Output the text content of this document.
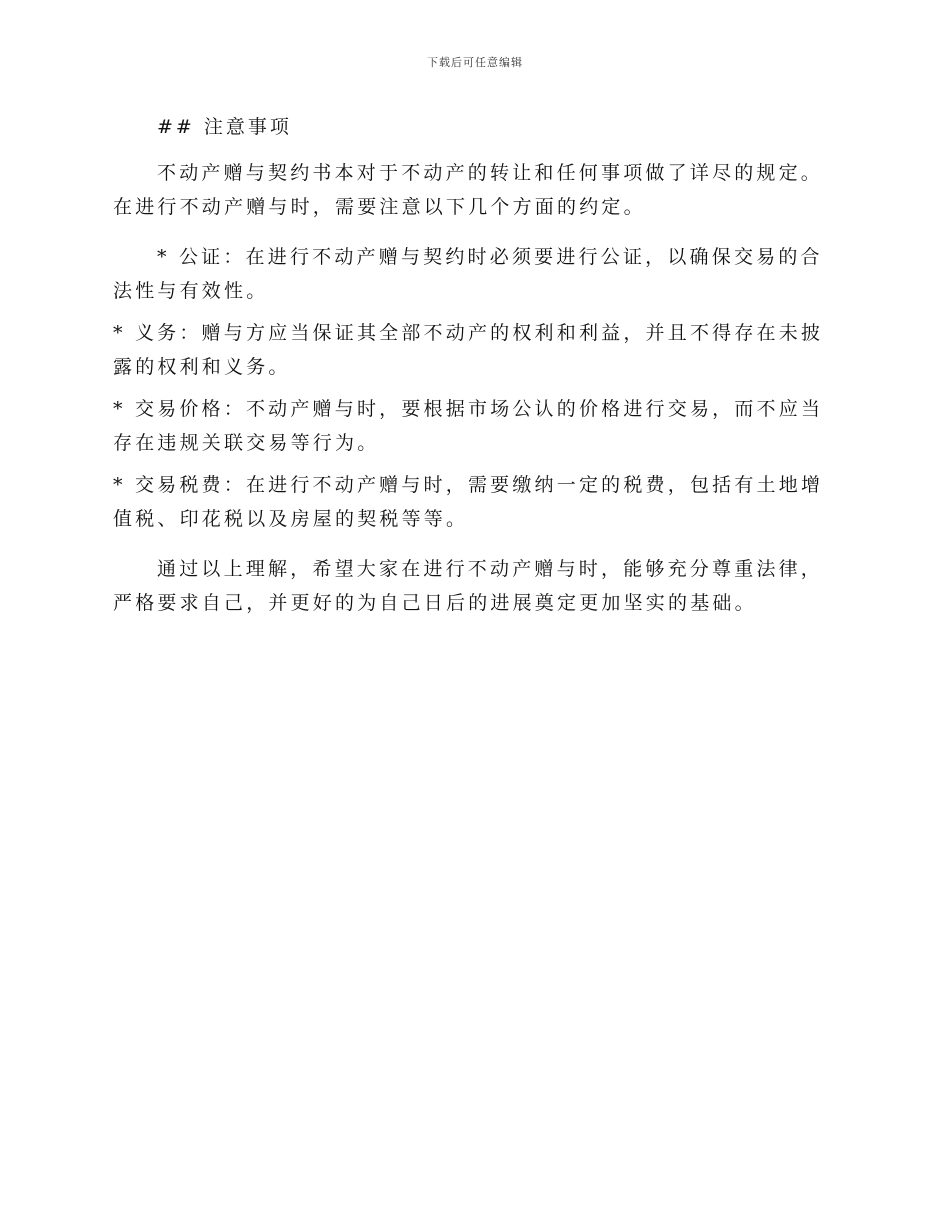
下载后可任意编辑
## 注意事项

不动产赠与契约书本对于不动产的转让和任何事项做了详尽的规定。在进行不动产赠与时，需要注意以下几个方面的约定。

* 公证：在进行不动产赠与契约时必须要进行公证，以确保交易的合法性与有效性。

* 义务：赠与方应当保证其全部不动产的权利和利益，并且不得存在未披露的权利和义务。

* 交易价格：不动产赠与时，要根据市场公认的价格进行交易，而不应当存在违规关联交易等行为。

* 交易税费：在进行不动产赠与时，需要缴纳一定的税费，包括有土地增值税、印花税以及房屋的契税等等。

通过以上理解，希望大家在进行不动产赠与时，能够充分尊重法律，严格要求自己，并更好的为自己日后的进展奠定更加坚实的基础。
